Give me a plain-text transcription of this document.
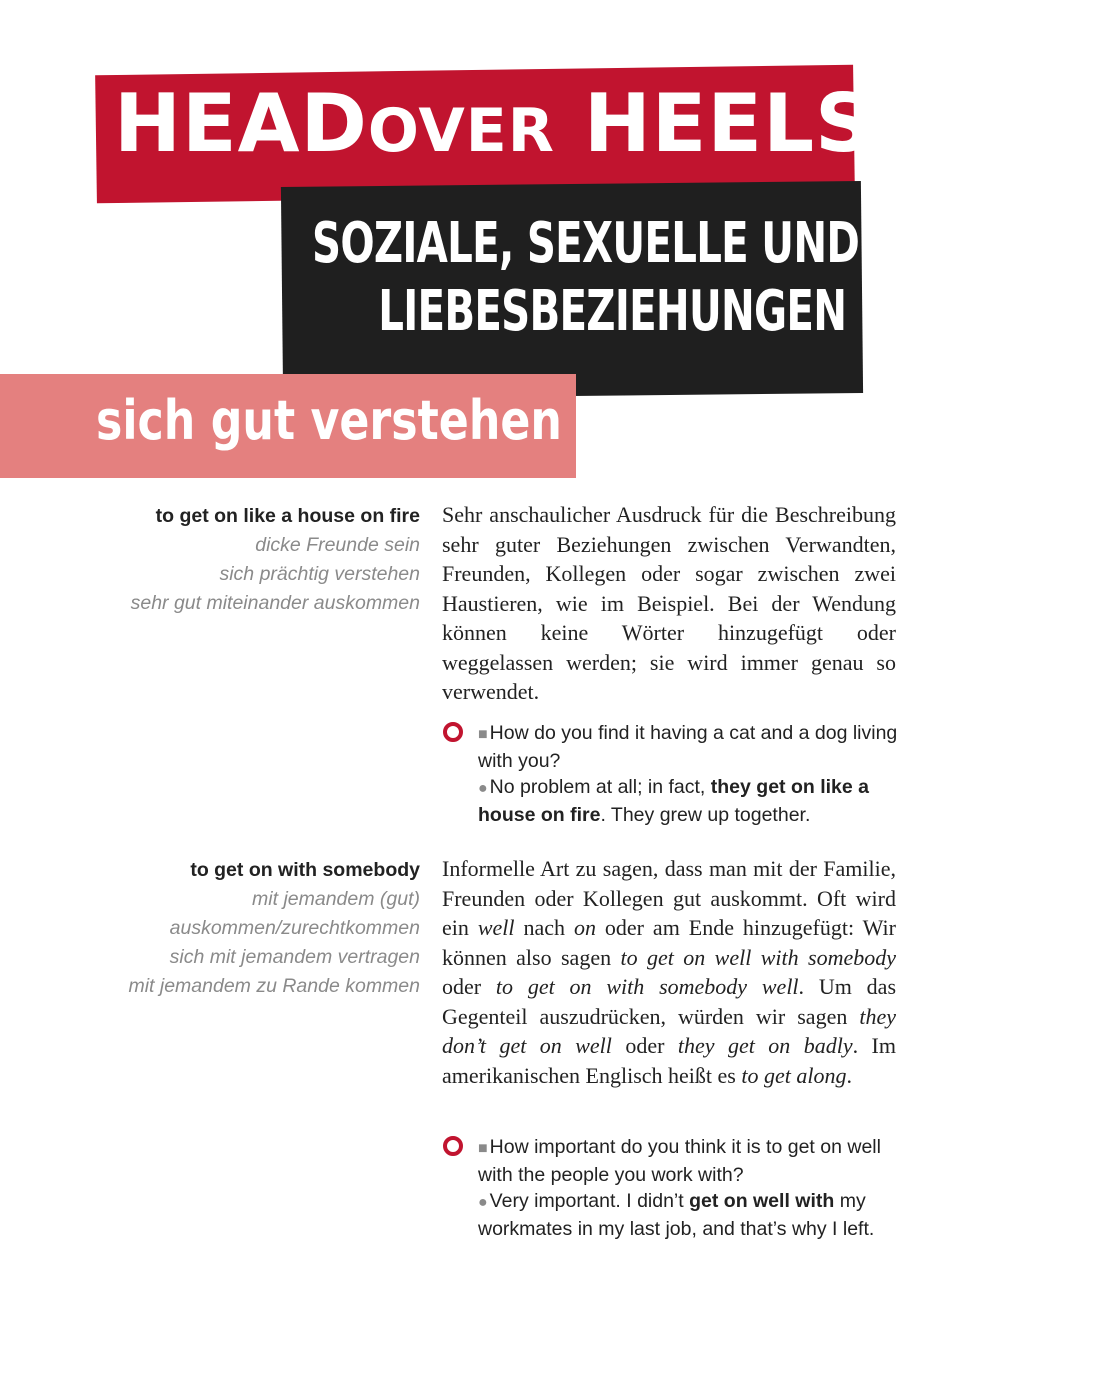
HEADOVER HEELS
SOZIALE, SEXUELLE UND
LIEBESBEZIEHUNGEN
sich gut verstehen
to get on like a house on fire
dicke Freunde sein
sich prächtig verstehen
sehr gut miteinander auskommen
Sehr anschaulicher Ausdruck für die Beschreibung sehr guter Beziehungen zwischen Verwandten, Freunden, Kollegen oder sogar zwischen zwei Haustieren, wie im Beispiel. Bei der Wendung können keine Wörter hinzugefügt oder weggelassen werden; sie wird immer genau so verwendet.

■ How do you find it having a cat and a dog living with you?

● No problem at all; in fact, they get on like a house on fire. They grew up together.

to get on with somebody
mit jemandem (gut)
auskommen/zurechtkommen
sich mit jemandem vertragen
mit jemandem zu Rande kommen
Informelle Art zu sagen, dass man mit der Familie, Freunden oder Kollegen gut auskommt. Oft wird ein well nach on oder am Ende hinzugefügt: Wir können also sagen to get on well with somebody oder to get on with somebody well. Um das Gegenteil auszudrücken, würden wir sagen they don’t get on well oder they get on badly. Im amerikanischen Englisch heißt es to get along.

■ How important do you think it is to get on well with the people you work with?

● Very important. I didn’t get on well with my workmates in my last job, and that’s why I left.
